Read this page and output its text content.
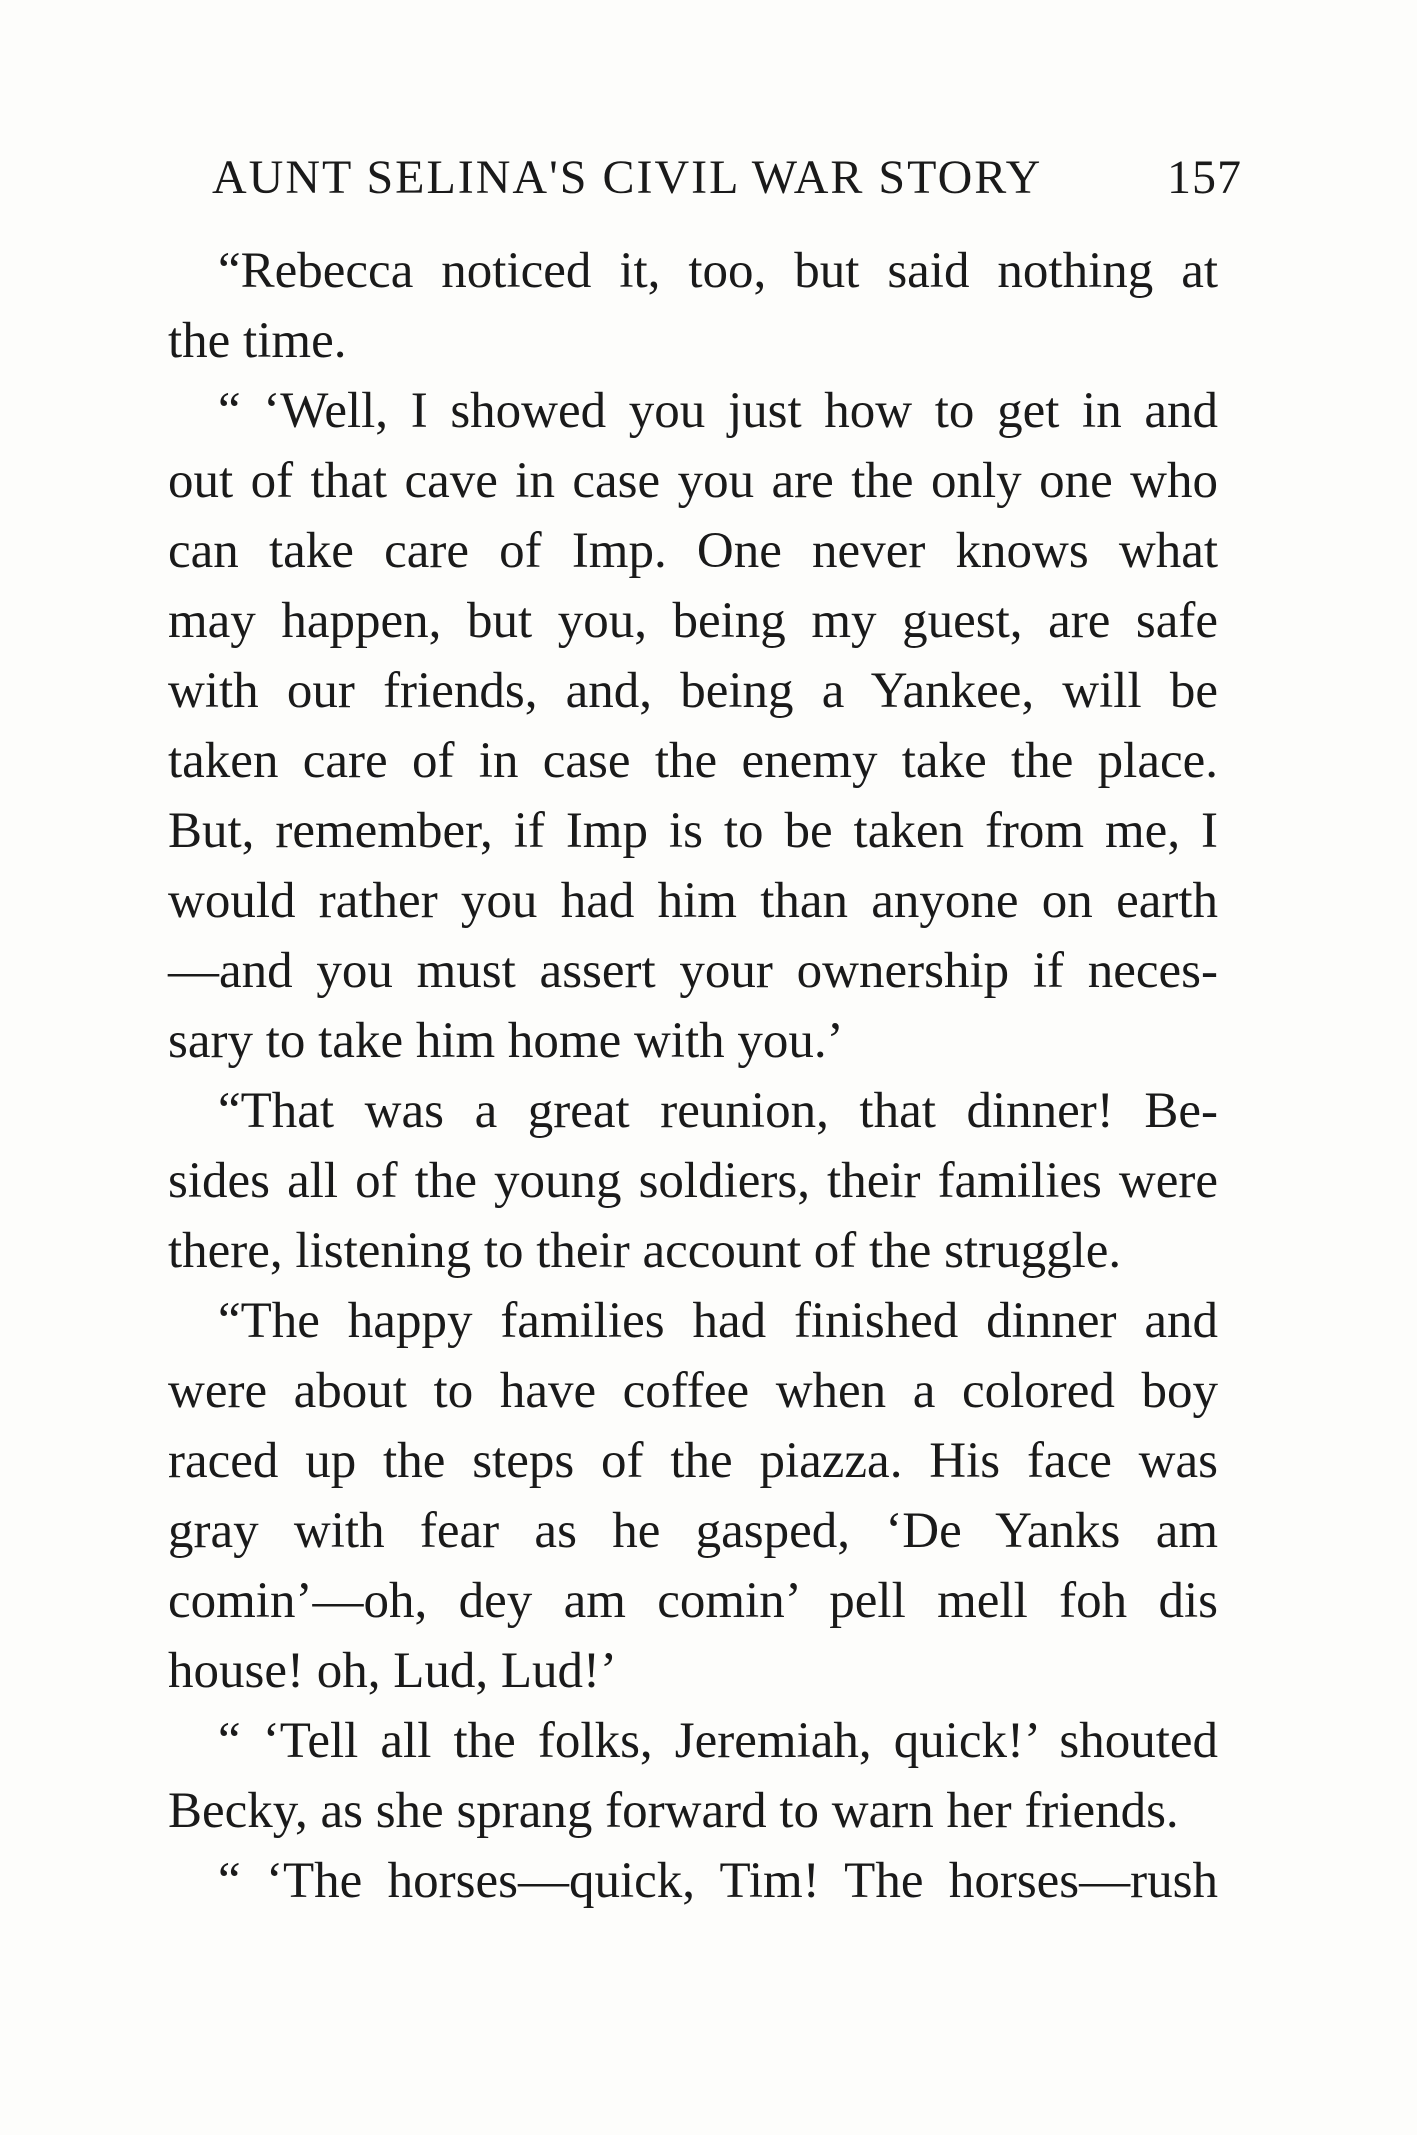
AUNT SELINA'S CIVIL WAR STORY	157
“Rebecca noticed it, too, but said nothing at
the time.
“ ‘Well, I showed you just how to get in and
out of that cave in case you are the only one who
can take care of Imp. One never knows what
may happen, but you, being my guest, are safe
with our friends, and, being a Yankee, will be
taken care of in case the enemy take the place.
But, remember, if Imp is to be taken from me, I
would rather you had him than anyone on earth
—and you must assert your ownership if neces-
sary to take him home with you.’
“That was a great reunion, that dinner! Be-
sides all of the young soldiers, their families were
there, listening to their account of the struggle.
“The happy families had finished dinner and
were about to have coffee when a colored boy
raced up the steps of the piazza. His face was
gray with fear as he gasped, ‘De Yanks am
comin’—oh, dey am comin’ pell mell foh dis
house! oh, Lud, Lud!’
“ ‘Tell all the folks, Jeremiah, quick!’ shouted
Becky, as she sprang forward to warn her friends.
“ ‘The horses—quick, Tim! The horses—rush
